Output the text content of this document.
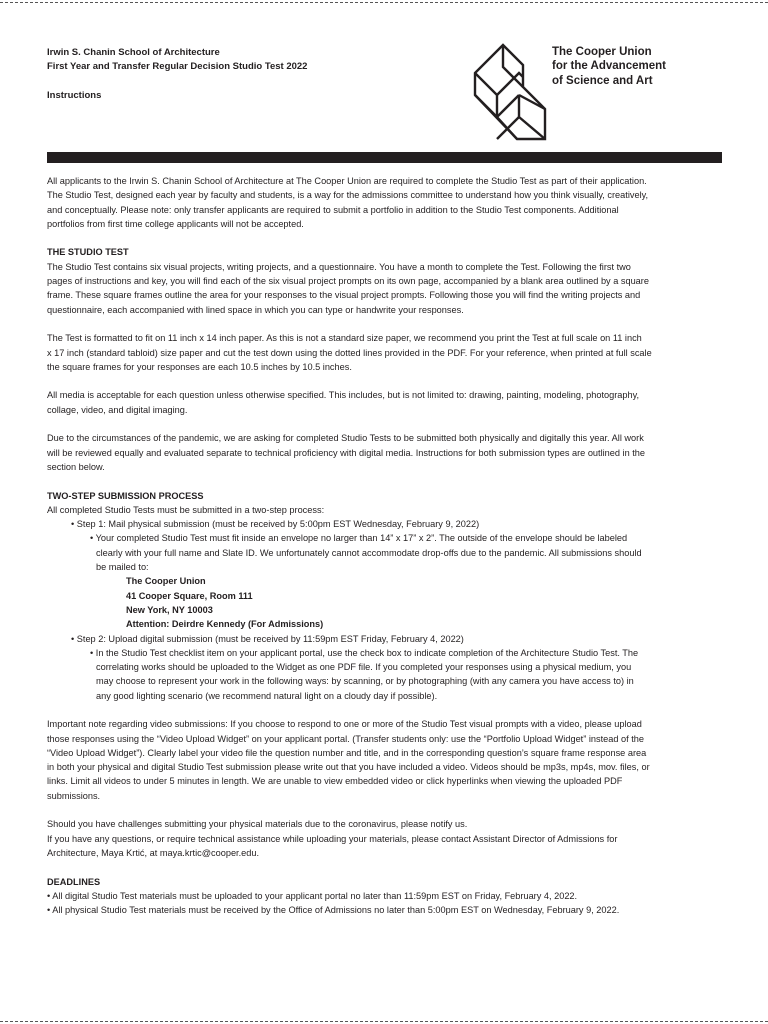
Irwin S. Chanin School of Architecture
First Year and Transfer Regular Decision Studio Test 2022
Instructions
The Cooper Union
for the Advancement
of Science and Art

All applicants to the Irwin S. Chanin School of Architecture at The Cooper Union are required to complete the Studio Test as part of their application.

The Studio Test, designed each year by faculty and students, is a way for the admissions committee to understand how you think visually, creatively,

and conceptually. Please note: only transfer applicants are required to submit a portfolio in addition to the Studio Test components. Additional

portfolios from first time college applicants will not be accepted.

THE STUDIO TEST

The Studio Test contains six visual projects, writing projects, and a questionnaire. You have a month to complete the Test. Following the first two

pages of instructions and key, you will find each of the six visual project prompts on its own page, accompanied by a blank area outlined by a square

frame. These square frames outline the area for your responses to the visual project prompts. Following those you will find the writing projects and

questionnaire, each accompanied with lined space in which you can type or handwrite your responses.

The Test is formatted to fit on 11 inch x 14 inch paper. As this is not a standard size paper, we recommend you print the Test at full scale on 11 inch

x 17 inch (standard tabloid) size paper and cut the test down using the dotted lines provided in the PDF. For your reference, when printed at full scale

the square frames for your responses are each 10.5 inches by 10.5 inches.

All media is acceptable for each question unless otherwise specified. This includes, but is not limited to: drawing, painting, modeling, photography,

collage, video, and digital imaging.

Due to the circumstances of the pandemic, we are asking for completed Studio Tests to be submitted both physically and digitally this year. All work

will be reviewed equally and evaluated separate to technical proficiency with digital media. Instructions for both submission types are outlined in the

section below.

TWO-STEP SUBMISSION PROCESS

All completed Studio Tests must be submitted in a two-step process:

• Step 1: Mail physical submission (must be received by 5:00pm EST Wednesday, February 9, 2022)

• Your completed Studio Test must fit inside an envelope no larger than 14” x 17” x 2”. The outside of the envelope should be labeled

clearly with your full name and Slate ID. We unfortunately cannot accommodate drop-offs due to the pandemic. All submissions should

be mailed to:

The Cooper Union

41 Cooper Square, Room 111

New York, NY 10003

Attention: Deirdre Kennedy (For Admissions)

• Step 2: Upload digital submission (must be received by 11:59pm EST Friday, February 4, 2022)

• In the Studio Test checklist item on your applicant portal, use the check box to indicate completion of the Architecture Studio Test. The

correlating works should be uploaded to the Widget as one PDF file. If you completed your responses using a physical medium, you

may choose to represent your work in the following ways: by scanning, or by photographing (with any camera you have access to) in

any good lighting scenario (we recommend natural light on a cloudy day if possible).

Important note regarding video submissions: If you choose to respond to one or more of the Studio Test visual prompts with a video, please upload

those responses using the “Video Upload Widget” on your applicant portal. (Transfer students only: use the “Portfolio Upload Widget” instead of the

“Video Upload Widget”). Clearly label your video file the question number and title, and in the corresponding question’s square frame response area

in both your physical and digital Studio Test submission please write out that you have included a video. Videos should be mp3s, mp4s, mov. files, or

links. Limit all videos to under 5 minutes in length. We are unable to view embedded video or click hyperlinks when viewing the uploaded PDF

submissions.

Should you have challenges submitting your physical materials due to the coronavirus, please notify us.

If you have any questions, or require technical assistance while uploading your materials, please contact Assistant Director of Admissions for

Architecture, Maya Krtić, at maya.krtic@cooper.edu.

DEADLINES

• All digital Studio Test materials must be uploaded to your applicant portal no later than 11:59pm EST on Friday, February 4, 2022.

• All physical Studio Test materials must be received by the Office of Admissions no later than 5:00pm EST on Wednesday, February 9, 2022.
